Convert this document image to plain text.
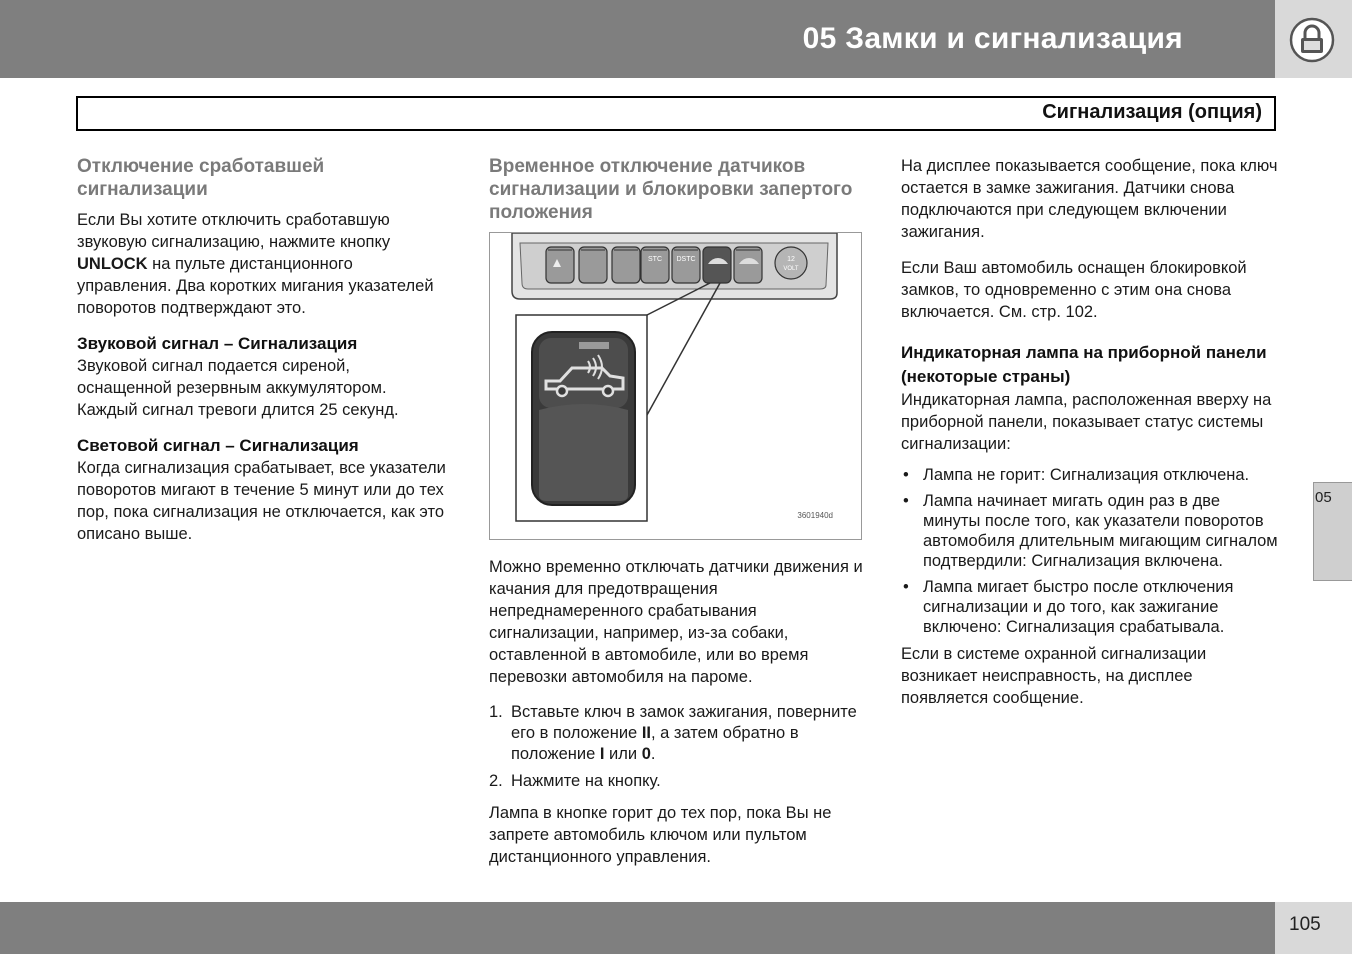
05 Замки и сигнализация
Сигнализация (опция)
Отключение сработавшей сигнализации

Если Вы хотите отключить сработавшую звуковую сигнализацию, нажмите кнопку UNLOCK на пульте дистанционного управления. Два коротких мигания указателей поворотов подтверждают это.

Звуковой сигнал – Сигнализация

Звуковой сигнал подается сиреной, оснащенной резервным аккумулятором. Каждый сигнал тревоги длится 25 секунд.

Световой сигнал – Сигнализация

Когда сигнализация срабатывает, все указатели поворотов мигают в течение 5 минут или до тех пор, пока сигнализация не отключается, как это описано выше.

Временное отключение датчиков сигнализации и блокировки запертого положения
STC DSTC	12
VOLT
3601940d

Можно временно отключать датчики движения и качания для предотвращения непреднамеренного срабатывания сигнализации, например, из-за собаки, оставленной в автомобиле, или во время перевозки автомобиля на пароме.

1. Вставьте ключ в замок зажигания, поверните его в положение II, а затем обратно в положение I или 0.
2. Нажмите на кнопку.

Лампа в кнопке горит до тех пор, пока Вы не запрете автомобиль ключом или пультом дистанционного управления.

На дисплее показывается сообщение, пока ключ остается в замке зажигания. Датчики снова подключаются при следующем включении зажигания.

Если Ваш автомобиль оснащен блокировкой замков, то одновременно с этим она снова включается. См. стр. 102.

Индикаторная лампа на приборной панели (некоторые страны)

Индикаторная лампа, расположенная вверху на приборной панели, показывает статус системы сигнализации:

• Лампа не горит: Сигнализация отключена.
• Лампа начинает мигать один раз в две минуты после того, как указатели поворотов автомобиля длительным мигающим сигналом подтвердили: Сигнализация включена.
• Лампа мигает быстро после отключения сигнализации и до того, как зажигание включено: Сигнализация срабатывала.

Если в системе охранной сигнализации возникает неисправность, на дисплее появляется сообщение.

05
105
